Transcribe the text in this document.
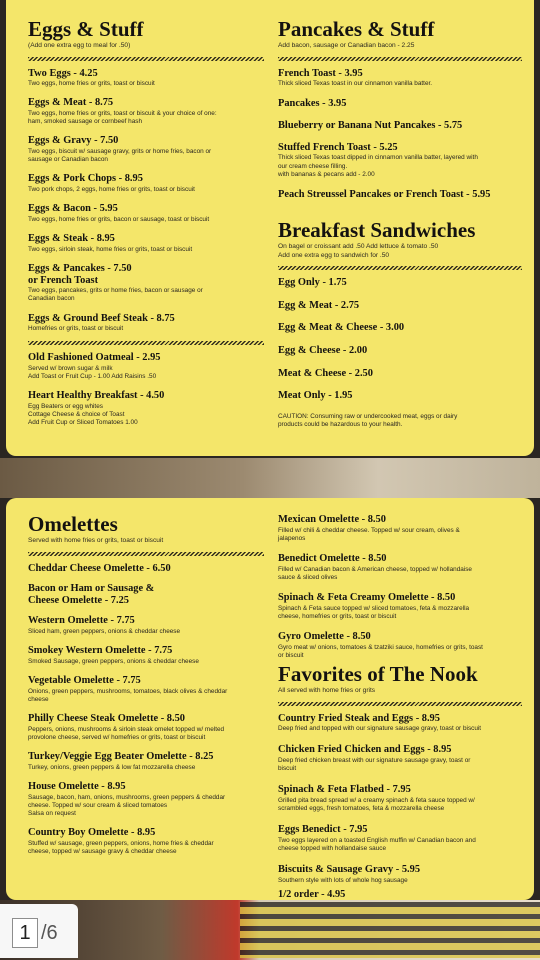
Eggs & Stuff
(Add one extra egg to meal for .50)
Two Eggs - 4.25
Two eggs, home fries or grits, toast or biscuit
Eggs & Meat - 8.75
Two eggs, home fries or grits, toast or biscuit & your choice of one:
ham, smoked sausage or cornbeef hash
Eggs & Gravy - 7.50
Two eggs, biscuit w/ sausage gravy, grits or home fries, bacon or
sausage or Canadian bacon
Eggs & Pork Chops - 8.95
Two pork chops, 2 eggs, home fries or grits, toast or biscuit
Eggs & Bacon - 5.95
Two eggs, home fries or grits, bacon or sausage, toast or biscuit
Eggs & Steak - 8.95
Two eggs, sirloin steak, home fries or grits, toast or biscuit
Eggs & Pancakes - 7.50
or French Toast
Two eggs, pancakes, grits or home fries, bacon or sausage or
Canadian bacon
Eggs & Ground Beef Steak - 8.75
Homefries or grits, toast or biscuit
Old Fashioned Oatmeal - 2.95
Served w/ brown sugar & milk
Add Toast or Fruit Cup - 1.00 Add Raisins .50
Heart Healthy Breakfast - 4.50
Egg Beaters or egg whites
Cottage Cheese & choice of Toast
Add Fruit Cup or Sliced Tomatoes 1.00
Pancakes & Stuff
Add bacon, sausage or Canadian bacon - 2.25
French Toast - 3.95
Thick sliced Texas toast in our cinnamon vanilla batter.
Pancakes - 3.95
Blueberry or Banana Nut Pancakes - 5.75
Stuffed French Toast - 5.25
Thick sliced Texas toast dipped in cinnamon vanilla batter, layered with
our cream cheese filling.
with bananas & pecans add - 2.00
Peach Streussel Pancakes or French Toast - 5.95
Breakfast Sandwiches
On bagel or croissant add .50 Add lettuce & tomato .50
Add one extra egg to sandwich for .50
Egg Only - 1.75
Egg & Meat - 2.75
Egg & Meat & Cheese - 3.00
Egg & Cheese - 2.00
Meat & Cheese - 2.50
Meat Only - 1.95
CAUTION: Consuming raw or undercooked meat, eggs or dairy
products could be hazardous to your health.
Omelettes
Served with home fries or grits, toast or biscuit
Cheddar Cheese Omelette - 6.50
Bacon or Ham or Sausage &
Cheese Omelette - 7.25
Western Omelette - 7.75
Sliced ham, green peppers, onions & cheddar cheese
Smokey Western Omelette - 7.75
Smoked Sausage, green peppers, onions & cheddar cheese
Vegetable Omelette - 7.75
Onions, green peppers, mushrooms, tomatoes, black olives & cheddar
cheese
Philly Cheese Steak Omelette - 8.50
Peppers, onions, mushrooms & sirloin steak omelet topped w/ melted
provolone cheese, served w/ homefries or grits, toast or biscuit
Turkey/Veggie Egg Beater Omelette - 8.25
Turkey, onions, green peppers & low fat mozzarella cheese
House Omelette - 8.95
Sausage, bacon, ham, onions, mushrooms, green peppers & cheddar
cheese. Topped w/ sour cream & sliced tomatoes
Salsa on request
Country Boy Omelette - 8.95
Stuffed w/ sausage, green peppers, onions, home fries & cheddar
cheese, topped w/ sausage gravy & cheddar cheese
Mexican Omelette - 8.50
Filled w/ chili & cheddar cheese. Topped w/ sour cream, olives &
jalapenos
Benedict Omelette - 8.50
Filled w/ Canadian bacon & American cheese, topped w/ hollandaise
sauce & sliced olives
Spinach & Feta Creamy Omelette - 8.50
Spinach & Feta sauce topped w/ sliced tomatoes, feta & mozzarella
cheese, homefries or grits, toast or biscuit
Gyro Omelette - 8.50
Gyro meat w/ onions, tomatoes & tzatziki sauce, homefries or grits, toast
or biscuit
Favorites of The Nook
All served with home fries or grits
Country Fried Steak and Eggs - 8.95
Deep fried and topped with our signature sausage gravy, toast or biscuit
Chicken Fried Chicken and Eggs - 8.95
Deep fried chicken breast with our signature sausage gravy, toast or
biscuit
Spinach & Feta Flatbed - 7.95
Grilled pita bread spread w/ a creamy spinach & feta sauce topped w/
scrambled eggs, fresh tomatoes, feta & mozzarella cheese
Eggs Benedict - 7.95
Two eggs layered on a toasted English muffin w/ Canadian bacon and
cheese topped with hollandaise sauce
Biscuits & Sausage Gravy - 5.95
Southern style with lots of whole hog sausage
1/2 order - 4.95
1 /6
